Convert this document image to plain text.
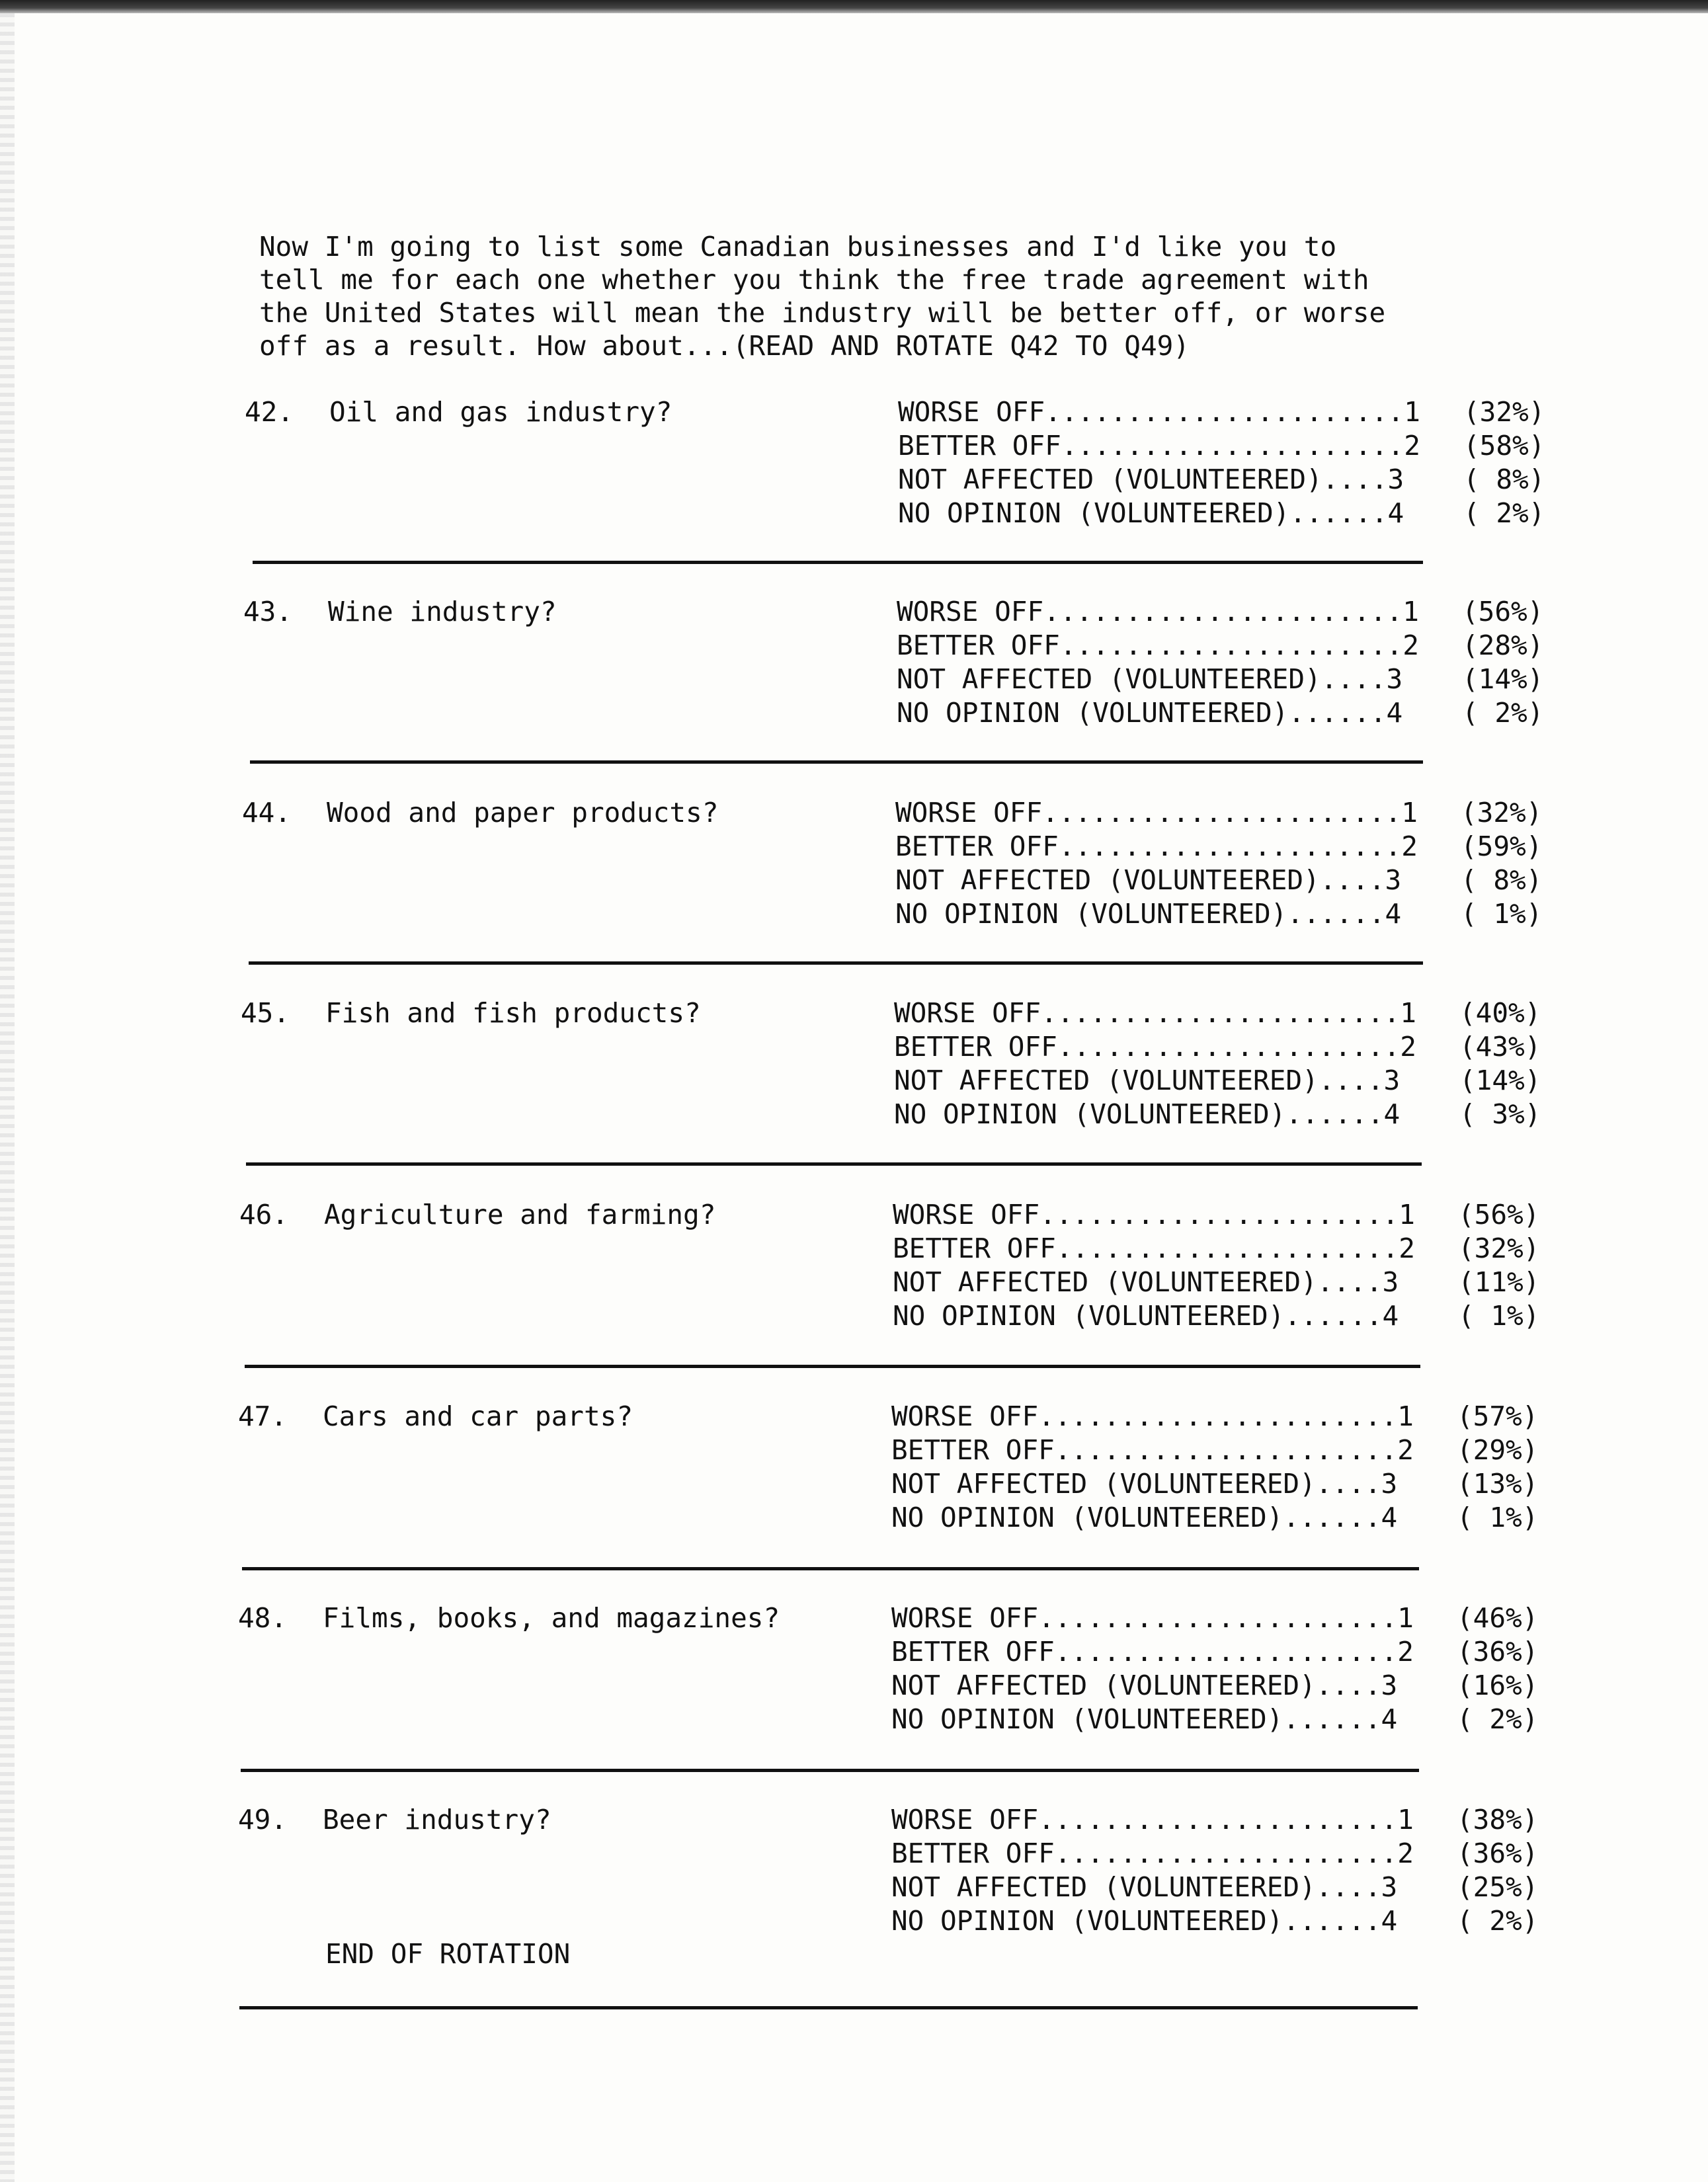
Now I'm going to list some Canadian businesses and I'd like you to
tell me for each one whether you think the free trade agreement with
the United States will mean the industry will be better off, or worse
off as a result. How about...(READ AND ROTATE Q42 TO Q49)

42. Oil and gas industry?	WORSE OFF......................1 (32%)
BETTER OFF.....................2 (58%)
NOT AFFECTED (VOLUNTEERED)....3 ( 8%)
NO OPINION (VOLUNTEERED)......4 ( 2%)
43. Wine industry?	WORSE OFF......................1 (56%)
BETTER OFF.....................2 (28%)
NOT AFFECTED (VOLUNTEERED)....3 (14%)
NO OPINION (VOLUNTEERED)......4 ( 2%)
44. Wood and paper products?	WORSE OFF......................1 (32%)
BETTER OFF.....................2 (59%)
NOT AFFECTED (VOLUNTEERED)....3 ( 8%)
NO OPINION (VOLUNTEERED)......4 ( 1%)
45. Fish and fish products?	WORSE OFF......................1 (40%)
BETTER OFF.....................2 (43%)
NOT AFFECTED (VOLUNTEERED)....3 (14%)
NO OPINION (VOLUNTEERED)......4 ( 3%)
46. Agriculture and farming?	WORSE OFF......................1 (56%)
BETTER OFF.....................2 (32%)
NOT AFFECTED (VOLUNTEERED)....3 (11%)
NO OPINION (VOLUNTEERED)......4 ( 1%)
47. Cars and car parts?	WORSE OFF......................1 (57%)
BETTER OFF.....................2 (29%)
NOT AFFECTED (VOLUNTEERED)....3 (13%)
NO OPINION (VOLUNTEERED)......4 ( 1%)
48. Films, books, and magazines?	WORSE OFF......................1 (46%)
BETTER OFF.....................2 (36%)
NOT AFFECTED (VOLUNTEERED)....3 (16%)
NO OPINION (VOLUNTEERED)......4 ( 2%)
49. Beer industry?	WORSE OFF......................1 (38%)
BETTER OFF.....................2 (36%)
NOT AFFECTED (VOLUNTEERED)....3 (25%)
NO OPINION (VOLUNTEERED)......4 ( 2%)
END OF ROTATION
